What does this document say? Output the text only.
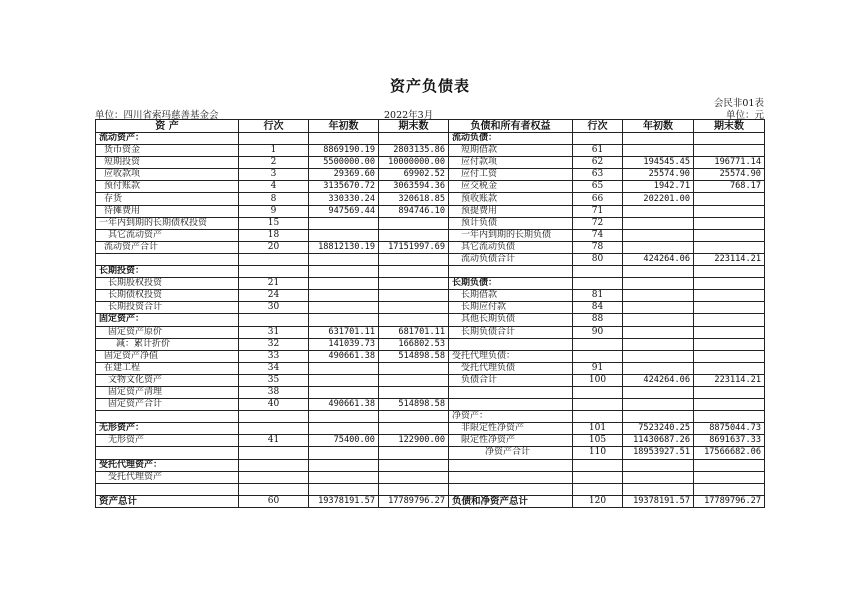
资产负债表
会民非01表
单位：四川省索玛慈善基金会	2022年3月	单位：元
资 产	行次	年初数	期末数	负债和所有者权益	行次	年初数	期末数
流动资产：				流动负债：			
货币资金	1	8869190.19	2803135.86	短期借款	61		
短期投资	2	5500000.00	10000000.00	应付款项	62	194545.45	196771.14
应收款项	3	29369.60	69902.52	应付工资	63	25574.90	25574.90
预付账款	4	3135670.72	3063594.36	应交税金	65	1942.71	768.17
存货	8	330330.24	320618.85	预收账款	66	202201.00	
待摊费用	9	947569.44	894746.10	预提费用	71		
一年内到期的长期债权投资	15			预计负债	72		
其它流动资产	18			一年内到期的长期负债	74		
流动资产合计	20	18812130.19	17151997.69	其它流动负债	78		
				流动负债合计	80	424264.06	223114.21
长期投资：							
长期股权投资	21			长期负债：			
长期债权投资	24			长期借款	81		
长期投资合计	30			长期应付款	84		
固定资产：				其他长期负债	88		
固定资产原价	31	631701.11	681701.11	长期负债合计	90		
减：累计折价	32	141039.73	166802.53				
固定资产净值	33	490661.38	514898.58	受托代理负债：			
在建工程	34			受托代理负债	91		
文物文化资产	35			负债合计	100	424264.06	223114.21
固定资产清理	38						
固定资产合计	40	490661.38	514898.58				
				净资产：			
无形资产：				非限定性净资产	101	7523240.25	8875044.73
无形资产	41	75400.00	122900.00	限定性净资产	105	11430687.26	8691637.33
				净资产合计	110	18953927.51	17566682.06
受托代理资产：							
受托代理资产							

资产总计	60	19378191.57	17789796.27	负债和净资产总计	120	19378191.57	17789796.27
